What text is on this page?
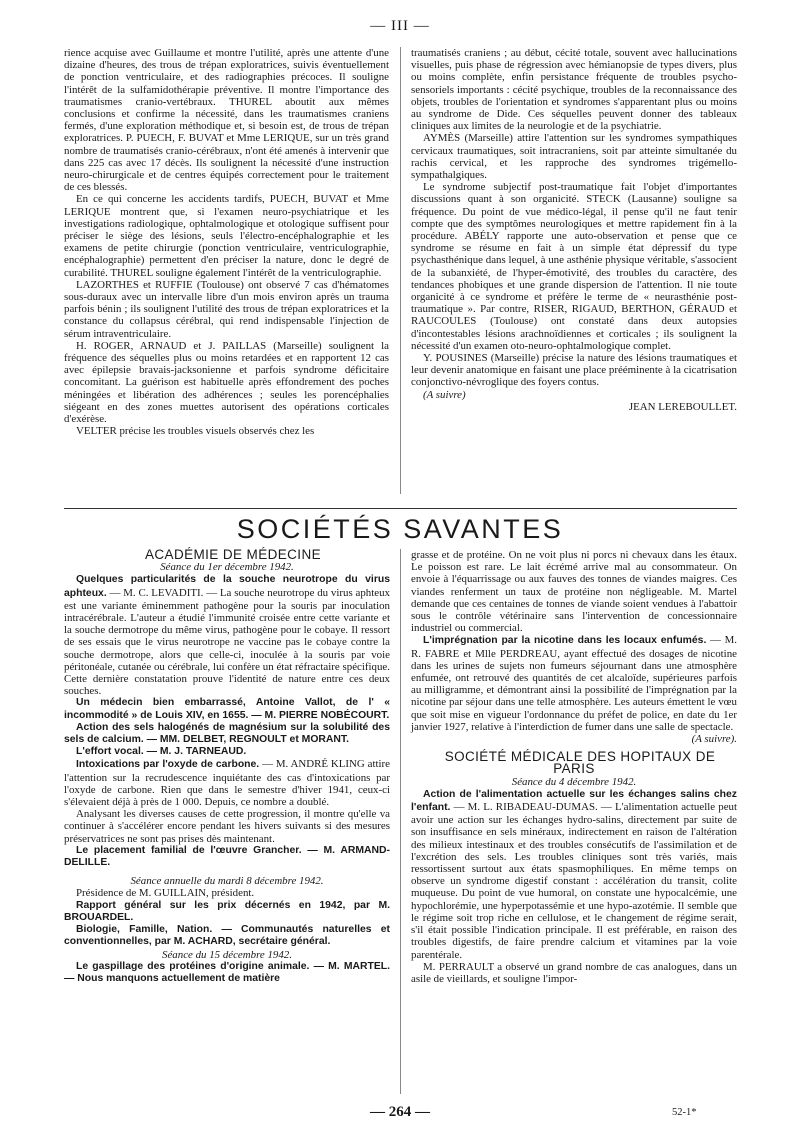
— III —

rience acquise avec Guillaume et montre l'utilité, après une attente d'une dizaine d'heures, des trous de trépan exploratrices, suivis éventuellement de ponction ventriculaire, et des radiographies précoces. Il souligne l'intérêt de la sulfamidothérapie préventive. Il montre l'importance des traumatismes cranio-vertébraux. THUREL aboutit aux mêmes conclusions et confirme la nécessité, dans les traumatismes craniens fermés, d'une exploration méthodique et, si besoin est, de trous de trépan exploratrices. P. PUECH, F. BUVAT et Mme LERIQUE, sur un très grand nombre de traumatisés cranio-cérébraux, n'ont été amenés à intervenir que dans 225 cas avec 17 décès. Ils soulignent la nécessité d'une instruction neuro-chirurgicale et de centres équipés correctement pour le traitement de ces blessés.

En ce qui concerne les accidents tardifs, PUECH, BUVAT et Mme LERIQUE montrent que, si l'examen neuro-psychiatrique et les investigations radiologique, ophtalmologique et otologique suffisent pour préciser le siège des lésions, seuls l'électro-encéphalographie et les examens de petite chirurgie (ponction ventriculaire, ventriculographie, encéphalographie) permettent d'en préciser la nature, donc le degré de curabilité. THUREL souligne également l'intérêt de la ventriculographie.

LAZORTHES et RUFFIE (Toulouse) ont observé 7 cas d'hématomes sous-duraux avec un intervalle libre d'un mois environ après un trauma parfois bénin ; ils soulignent l'utilité des trous de trépan exploratrices et la constance du collapsus cérébral, qui rend indispensable l'injection de sérum intraventriculaire.

H. ROGER, ARNAUD et J. PAILLAS (Marseille) soulignent la fréquence des séquelles plus ou moins retardées et en rapportent 12 cas avec épilepsie bravais-jacksonienne et parfois syndrome déficitaire concomitant. La guérison est habituelle après effondrement des poches méningées et libération des adhérences ; seules les porencéphalies siégeant en des zones muettes autorisent des opérations corticales d'exérèse.

VELTER précise les troubles visuels observés chez les

traumatisés craniens ; au début, cécité totale, souvent avec hallucinations visuelles, puis phase de régression avec hémianopsie de types divers, plus ou moins complète, enfin persistance fréquente de troubles psycho-sensoriels importants : cécité psychique, troubles de la reconnaissance des objets, troubles de l'orientation et syndromes s'apparentant plus ou moins au syndrome de Dide. Ces séquelles peuvent donner des tableaux cliniques aux limites de la neurologie et de la psychiatrie.

AYMÈS (Marseille) attire l'attention sur les syndromes sympathiques cervicaux traumatiques, soit intracraniens, soit par atteinte simultanée du rachis cervical, et les rapproche des syndromes trigémello-sympathalgiques.

Le syndrome subjectif post-traumatique fait l'objet d'importantes discussions quant à son organicité. STECK (Lausanne) souligne sa fréquence. Du point de vue médico-légal, il pense qu'il ne faut tenir compte que des symptômes neurologiques et mettre rapidement fin à la procédure. ABÉLY rapporte une auto-observation et pense que ce syndrome se résume en fait à un simple état dépressif du type psychasthénique dans lequel, à une asthénie physique véritable, s'associent de la subanxiété, de l'hyper-émotivité, des troubles du caractère, des tendances phobiques et une grande dispersion de l'attention. Il nie toute organicité à ce syndrome et préfère le terme de « neurasthénie post-traumatique ». Par contre, RISER, RIGAUD, BERTHON, GÉRAUD et RAUCOULES (Toulouse) ont constaté dans deux autopsies d'incontestables lésions arachnoïdiennes et corticales ; ils soulignent la nécessité d'un examen oto-neuro-ophtalmologique complet.

Y. POUSINES (Marseille) précise la nature des lésions traumatiques et leur devenir anatomique en faisant une place prééminente à la cicatrisation conjonctivo-névroglique des foyers contus.

(A suivre)

JEAN LEREBOULLET.

SOCIÉTÉS SAVANTES

ACADÉMIE DE MÉDECINE

Séance du 1er décembre 1942.

Quelques particularités de la souche neurotrope du virus aphteux. — M. C. LEVADITI. — La souche neurotrope du virus aphteux est une variante éminemment pathogène pour la souris par inoculation intracérébrale. L'auteur a étudié l'immunité croisée entre cette variante et la souche dermotrope du même virus, pathogène pour le cobaye. Il ressort de ses essais que le virus neurotrope ne vaccine pas le cobaye contre la souche dermotrope, alors que celle-ci, inoculée à la souris par voie péritonéale, cutanée ou cérébrale, lui confère un état réfractaire spécifique. Cette dernière constatation prouve l'identité de nature entre ces deux souches.

Un médecin bien embarrassé, Antoine Vallot, de l' « incommodité » de Louis XIV, en 1655. — M. PIERRE NOBÉCOURT.

Action des sels halogénés de magnésium sur la solubilité des sels de calcium. — MM. DELBET, REGNOULT et MORANT.

L'effort vocal. — M. J. TARNEAUD.

Intoxications par l'oxyde de carbone. — M. ANDRÉ KLING attire l'attention sur la recrudescence inquiétante des cas d'intoxications par l'oxyde de carbone. Rien que dans le semestre d'hiver 1941, ceux-ci s'élevaient déjà à près de 1 000. Depuis, ce nombre a doublé.

Analysant les diverses causes de cette progression, il montre qu'elle va continuer à s'accélérer encore pendant les hivers suivants si des mesures préservatrices ne sont pas prises dès maintenant.

Le placement familial de l'œuvre Grancher. — M. ARMAND-DELILLE.

Séance annuelle du mardi 8 décembre 1942.

Présidence de M. GUILLAIN, président.

Rapport général sur les prix décernés en 1942, par M. BROUARDEL.

Biologie, Famille, Nation. — Communautés naturelles et conventionnelles, par M. ACHARD, secrétaire général.

Séance du 15 décembre 1942.

Le gaspillage des protéines d'origine animale. — M. MARTEL. — Nous manquons actuellement de matière

grasse et de protéine. On ne voit plus ni porcs ni chevaux dans les étaux. Le poisson est rare. Le lait écrémé arrive mal au consommateur. On envoie à l'équarrissage ou aux fauves des tonnes de viandes maigres. Ces viandes renferment un taux de protéine non négligeable. M. Martel demande que ces centaines de tonnes de viande soient vendues à l'abattoir sous le contrôle vétérinaire sans l'intervention de concessionnaire industriel ou commercial.

L'imprégnation par la nicotine dans les locaux enfumés. — M. R. FABRE et Mlle PERDREAU, ayant effectué des dosages de nicotine dans les urines de sujets non fumeurs séjournant dans une atmosphère enfumée, ont retrouvé des quantités de cet alcaloïde, supérieures parfois au milligramme, et démontrant ainsi la possibilité de l'imprégnation par la nicotine par séjour dans une telle atmosphère. Les auteurs émettent le vœu que soit mise en vigueur l'ordonnance du préfet de police, en date du 1er janvier 1927, relative à l'interdiction de fumer dans une salle de spectacle.

(A suivre).

SOCIÉTÉ MÉDICALE DES HOPITAUX DE PARIS

Séance du 4 décembre 1942.

Action de l'alimentation actuelle sur les échanges salins chez l'enfant. — M. L. RIBADEAU-DUMAS. — L'alimentation actuelle peut avoir une action sur les échanges hydro-salins, directement par suite de son insuffisance en sels minéraux, indirectement en raison de l'altération des milieux intestinaux et des troubles consécutifs de l'assimilation et de l'excrétion des sels. Les troubles cliniques sont très variés, mais ressortissent surtout aux états spasmophiliques. En même temps on observe un syndrome digestif constant : accélération du transit, colite muqueuse. Du point de vue humoral, on constate une hypocalcémie, une hypochlorémie, une hyperpotassémie et une hypo-azotémie. Il semble que le régime soit trop riche en cellulose, et le changement de régime serait, s'il était possible l'indication principale. Il est préférable, en raison des troubles digestifs, de faire prendre calcium et vitamines par la voie parentérale.

M. PERRAULT a observé un grand nombre de cas analogues, dans un asile de vieillards, et souligne l'impor-

— 264 —	52-1*
